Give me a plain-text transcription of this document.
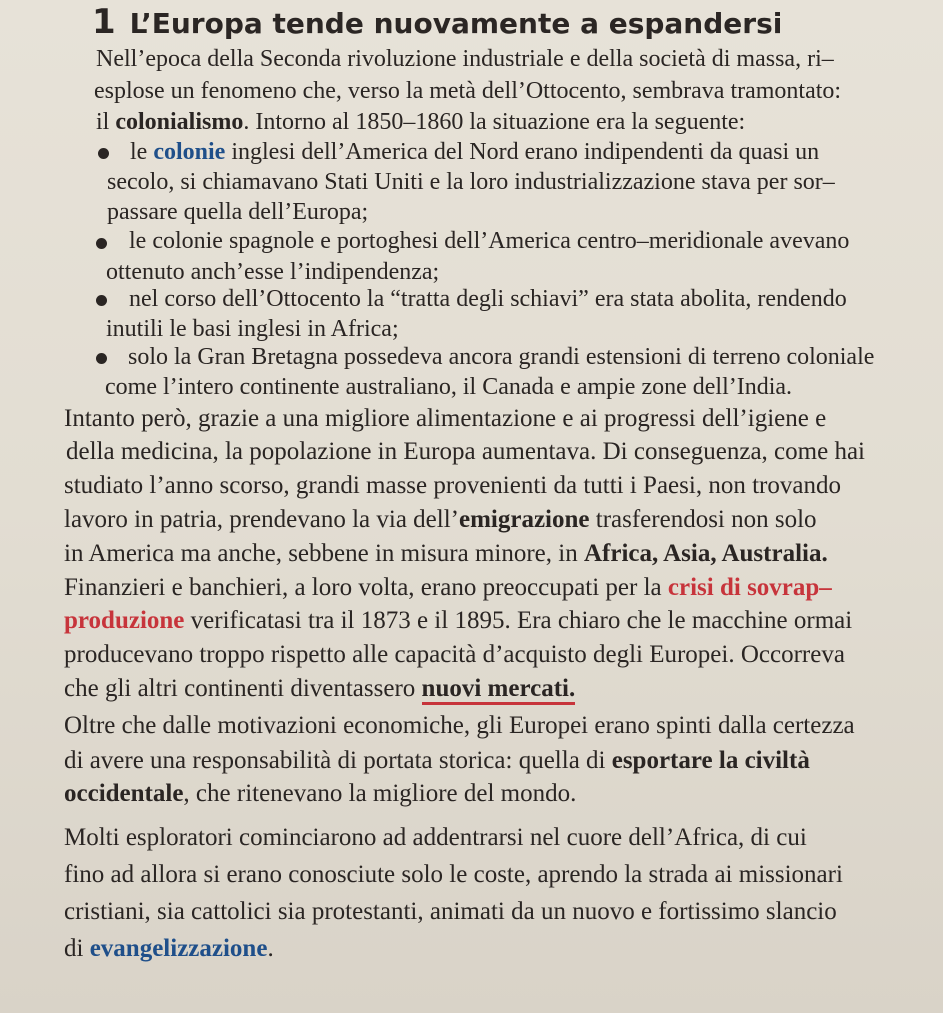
1 L’Europa tende nuovamente a espandersi
Nell’epoca della Seconda rivoluzione industriale e della società di massa, ri–
esplose un fenomeno che, verso la metà dell’Ottocento, sembrava tramontato:
il colonialismo. Intorno al 1850–1860 la situazione era la seguente:
le colonie inglesi dell’America del Nord erano indipendenti da quasi un
secolo, si chiamavano Stati Uniti e la loro industrializzazione stava per sor–
passare quella dell’Europa;
le colonie spagnole e portoghesi dell’America centro–meridionale avevano
ottenuto anch’esse l’indipendenza;
nel corso dell’Ottocento la “tratta degli schiavi” era stata abolita, rendendo
inutili le basi inglesi in Africa;
solo la Gran Bretagna possedeva ancora grandi estensioni di terreno coloniale
come l’intero continente australiano, il Canada e ampie zone dell’India.
Intanto però, grazie a una migliore alimentazione e ai progressi dell’igiene e
della medicina, la popolazione in Europa aumentava. Di conseguenza, come hai
studiato l’anno scorso, grandi masse provenienti da tutti i Paesi, non trovando
lavoro in patria, prendevano la via dell’emigrazione trasferendosi non solo
in America ma anche, sebbene in misura minore, in Africa, Asia, Australia.
Finanzieri e banchieri, a loro volta, erano preoccupati per la crisi di sovrap–
produzione verificatasi tra il 1873 e il 1895. Era chiaro che le macchine ormai
producevano troppo rispetto alle capacità d’acquisto degli Europei. Occorreva
che gli altri continenti diventassero nuovi mercati.
Oltre che dalle motivazioni economiche, gli Europei erano spinti dalla certezza
di avere una responsabilità di portata storica: quella di esportare la civiltà
occidentale, che ritenevano la migliore del mondo.
Molti esploratori cominciarono ad addentrarsi nel cuore dell’Africa, di cui
fino ad allora si erano conosciute solo le coste, aprendo la strada ai missionari
cristiani, sia cattolici sia protestanti, animati da un nuovo e fortissimo slancio
di evangelizzazione.
